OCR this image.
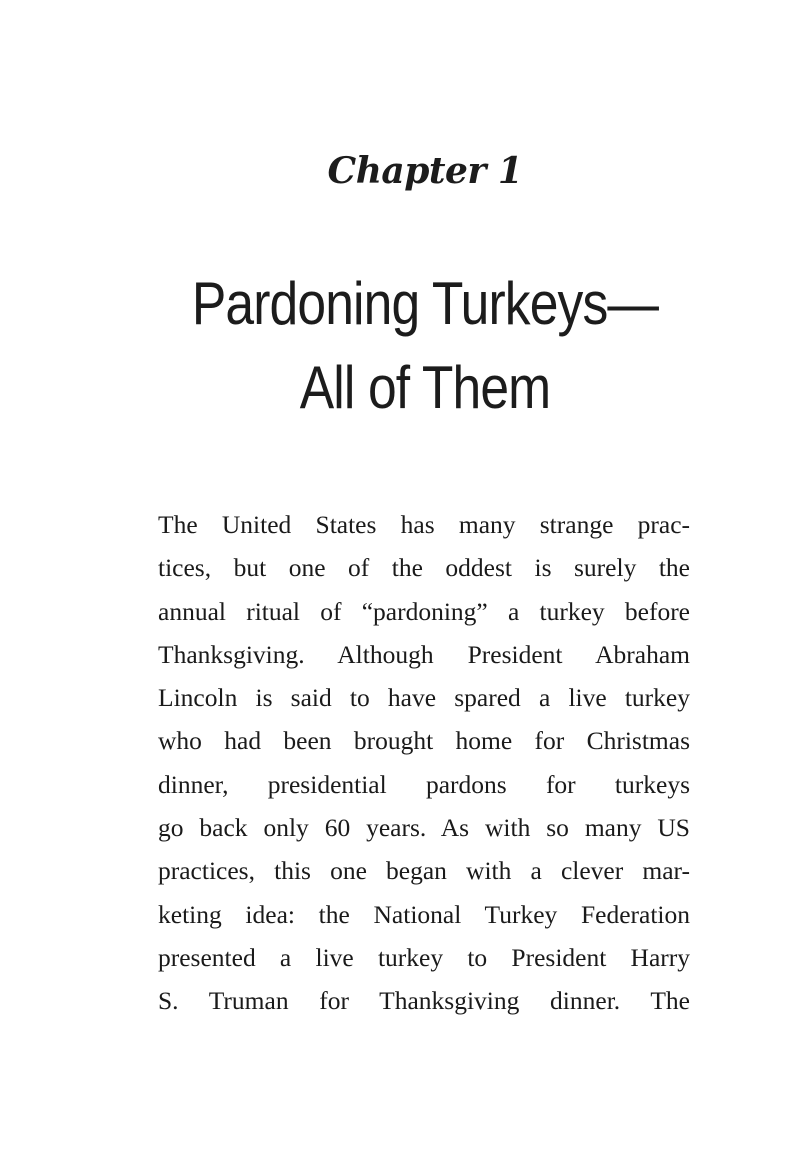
Chapter 1
Pardoning Turkeys—
All of Them
The United States has many strange prac-
tices, but one of the oddest is surely the
annual ritual of “pardoning” a turkey before
Thanksgiving. Although President Abraham
Lincoln is said to have spared a live turkey
who had been brought home for Christmas
dinner, presidential pardons for turkeys
go back only 60 years. As with so many US
practices, this one began with a clever mar-
keting idea: the National Turkey Federation
presented a live turkey to President Harry
S. Truman for Thanksgiving dinner. The
